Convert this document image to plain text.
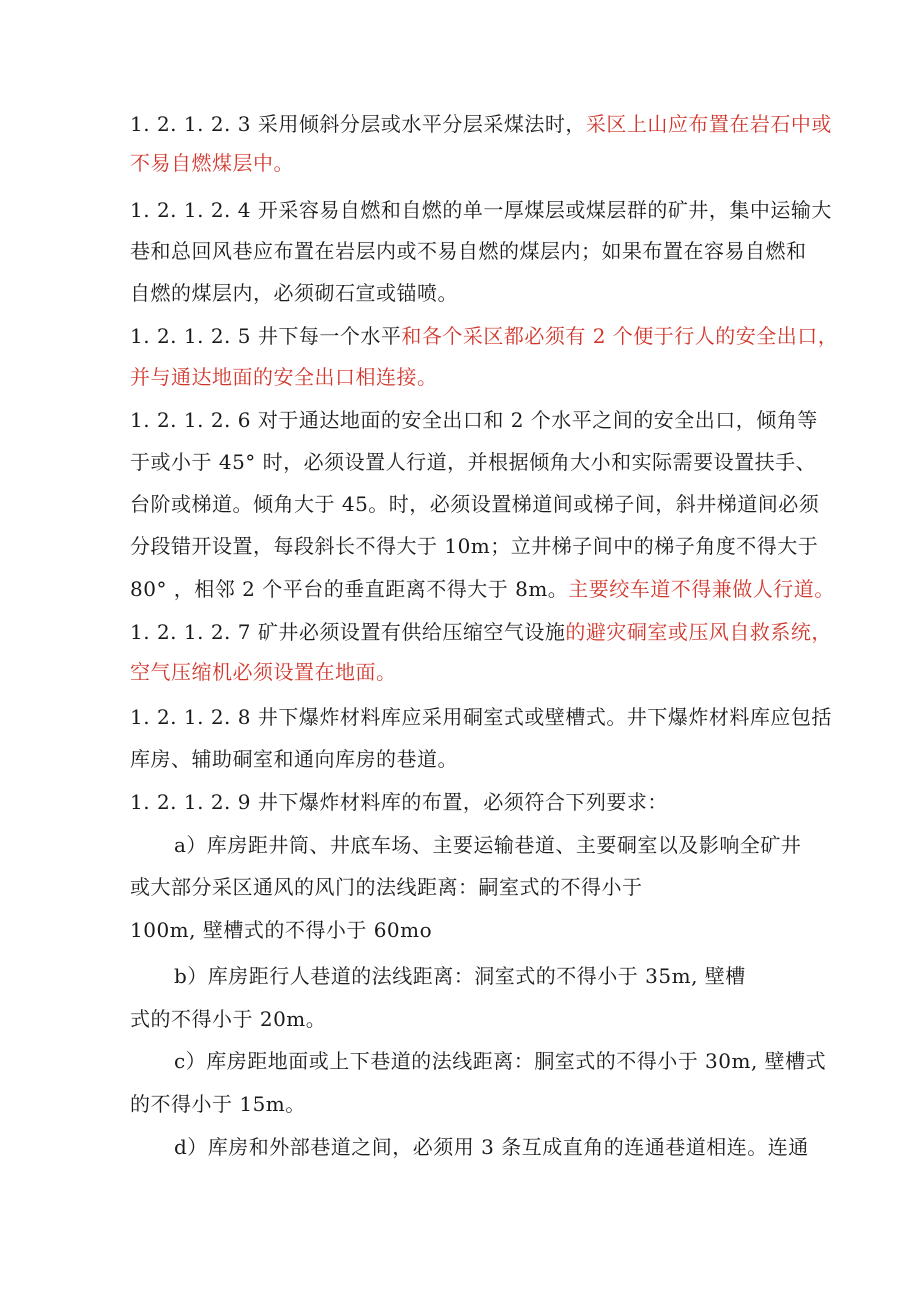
1. 2. 1. 2. 3 采用倾斜分层或水平分层采煤法时，采区上山应布置在岩石中或
不易自燃煤层中。
1. 2. 1. 2. 4 开采容易自燃和自燃的单一厚煤层或煤层群的矿井，集中运输大
巷和总回风巷应布置在岩层内或不易自燃的煤层内；如果布置在容易自燃和
自燃的煤层内，必须砌石宣或锚喷。
1. 2. 1. 2. 5 井下每一个水平和各个采区都必须有 2 个便于行人的安全出口，
并与通达地面的安全出口相连接。
1. 2. 1. 2. 6 对于通达地面的安全出口和 2 个水平之间的安全出口，倾角等
于或小于 45° 时，必须设置人行道，并根据倾角大小和实际需要设置扶手、
台阶或梯道。倾角大于 45。时，必须设置梯道间或梯子间，斜井梯道间必须
分段错开设置，每段斜长不得大于 10m；立井梯子间中的梯子角度不得大于
80° ，相邻 2 个平台的垂直距离不得大于 8m。主要绞车道不得兼做人行道。
1. 2. 1. 2. 7 矿井必须设置有供给压缩空气设施的避灾硐室或压风自救系统，
空气压缩机必须设置在地面。
1. 2. 1. 2. 8 井下爆炸材料库应采用硐室式或壁槽式。井下爆炸材料库应包括
库房、辅助硐室和通向库房的巷道。
1. 2. 1. 2. 9 井下爆炸材料库的布置，必须符合下列要求：
a）库房距井筒、井底车场、主要运输巷道、主要硐室以及影响全矿井
或大部分采区通风的风门的法线距离：嗣室式的不得小于
100m, 壁槽式的不得小于 60mo
b）库房距行人巷道的法线距离：洞室式的不得小于 35m, 壁槽
式的不得小于 20m。
c）库房距地面或上下巷道的法线距离：胴室式的不得小于 30m, 壁槽式
的不得小于 15m。
d）库房和外部巷道之间，必须用 3 条互成直角的连通巷道相连。连通
